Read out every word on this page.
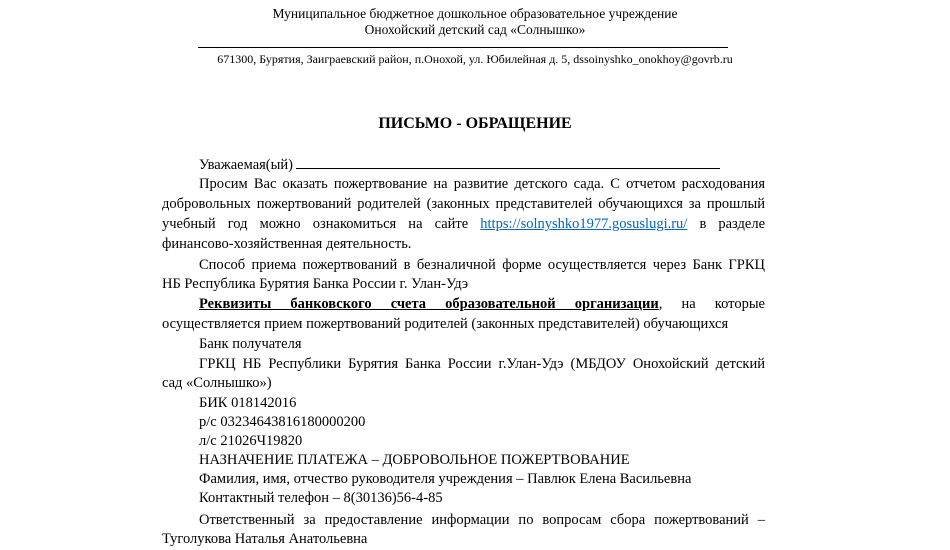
Муниципальное бюджетное дошкольное образовательное учреждение
Онохойский детский сад «Солнышко»
671300, Бурятия, Заиграевский район, п.Онохой, ул. Юбилейная д. 5, dssoinyshko_onokhoy@govrb.ru
ПИСЬМО - ОБРАЩЕНИЕ
Уважаемая(ый)
Просим Вас оказать пожертвование на развитие детского сада. С отчетом расходования
добровольных пожертвований родителей (законных представителей обучающихся за прошлый
учебный год можно ознакомиться на сайте https://solnyshko1977.gosuslugi.ru/ в разделе
финансово-хозяйственная деятельность.
Способ приема пожертвований в безналичной форме осуществляется через Банк ГРКЦ
НБ Республика Бурятия Банка России г. Улан-Удэ
Реквизиты банковского счета образовательной организации, на которые
осуществляется прием пожертвований родителей (законных представителей) обучающихся
Банк получателя
ГРКЦ НБ Республики Бурятия Банка России г.Улан-Удэ (МБДОУ Онохойский детский
сад «Солнышко»)
БИК 018142016
р/с 03234643816180000200
л/с 21026Ч19820
НАЗНАЧЕНИЕ ПЛАТЕЖА – ДОБРОВОЛЬНОЕ ПОЖЕРТВОВАНИЕ
Фамилия, имя, отчество руководителя учреждения – Павлюк Елена Васильевна
Контактный телефон – 8(30136)56-4-85
Ответственный за предоставление информации по вопросам сбора пожертвований –
Туголукова Наталья Анатольевна
